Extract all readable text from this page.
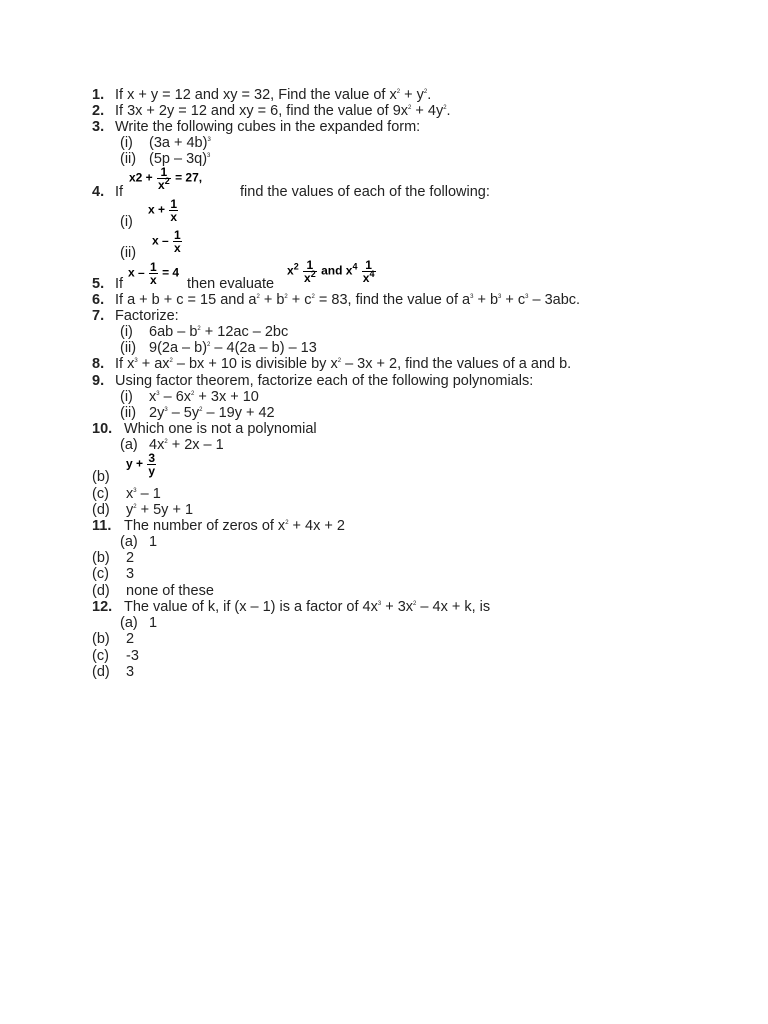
1. If x + y = 12 and xy = 32, Find the value of $x^2 + y^2$.
2. If 3x + 2y = 12 and xy = 6, find the value of $9x^2 + 4y^2$.
3. Write the following cubes in the expanded form:
(i) $(3a + 4b)^3$
(ii) (5p – 3q)$^3$
4. If
$x2 + \frac{1}{x^2} = 27$,
find the values of each of the following:
(i)
$x + \frac{1}{x}$
(ii)
x – $\frac{1}{x}$
5. If
$x - \frac{1}{x} = 4$
then evaluate
$x^2 \frac{1}{x^2}$ and $x^4 \frac{1}{x^4}$
6. If a + b + c = 15 and $a^2 + b^2 + c^2 = 83$, find the value of $a^3 + b^3 + c^3 - 3abc$.
7. Factorize:
(i) $6ab - b^2 + 12ac - 2bc$
(ii) 9(2a – b)$^2$ – 4(2a – b) – 13
8. If $x^3 + ax^2$ – bx + 10 is divisible by $x^2 - 3x + 2$, find the values of a and b.
9. Using factor theorem, factorize each of the following polynomials:
(i) $x^3 - 6x^2 + 3x + 10$
(ii) $2y^3 - 5y^2 - 19y + 42$
10. Which one is not a polynomial
(a) $4x^2 + 2x - 1$
(b)
$y + \frac{3}{y}$
(c) $x^3 - 1$
(d) $y^2 + 5y + 1$
11. The number of zeros of $x^2 + 4x + 2$
(a) 1
(b) 2
(c) 3
(d) none of these
12. The value of k, if (x – 1) is a factor of $4x^3 + 3x^2 - 4x + k$, is
(a) 1
(b) 2
(c) -3
(d) 3
